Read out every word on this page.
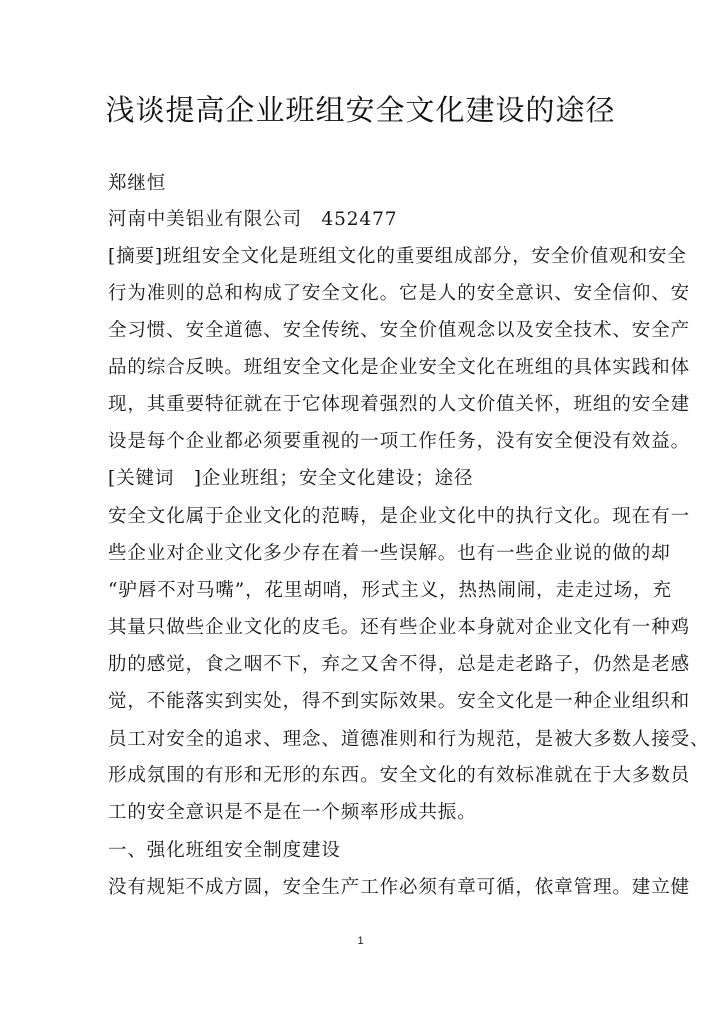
浅谈提高企业班组安全文化建设的途径
郑继恒
河南中美铝业有限公司　452477
[摘要]班组安全文化是班组文化的重要组成部分，安全价值观和安全
行为准则的总和构成了安全文化。它是人的安全意识、安全信仰、安
全习惯、安全道德、安全传统、安全价值观念以及安全技术、安全产
品的综合反映。班组安全文化是企业安全文化在班组的具体实践和体
现，其重要特征就在于它体现着强烈的人文价值关怀，班组的安全建
设是每个企业都必须要重视的一项工作任务，没有安全便没有效益。
[关键词　]企业班组；安全文化建设；途径
安全文化属于企业文化的范畴，是企业文化中的执行文化。现在有一
些企业对企业文化多少存在着一些误解。也有一些企业说的做的却
“驴唇不对马嘴”，花里胡哨，形式主义，热热闹闹，走走过场，充
其量只做些企业文化的皮毛。还有些企业本身就对企业文化有一种鸡
肋的感觉，食之咽不下，弃之又舍不得，总是走老路子，仍然是老感
觉，不能落实到实处，得不到实际效果。安全文化是一种企业组织和
员工对安全的追求、理念、道德准则和行为规范，是被大多数人接受、
形成氛围的有形和无形的东西。安全文化的有效标准就在于大多数员
工的安全意识是不是在一个频率形成共振。
一、强化班组安全制度建设
没有规矩不成方圆，安全生产工作必须有章可循，依章管理。建立健
1
